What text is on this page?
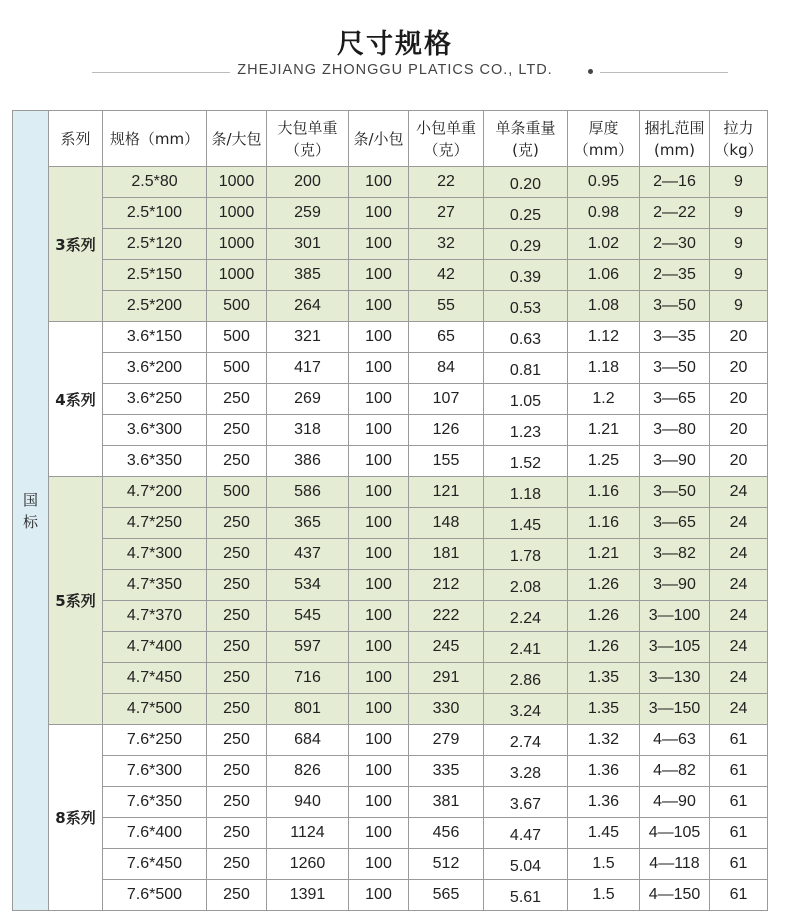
尺寸规格
ZHEJIANG ZHONGGU PLATICS CO., LTD.
国标	系列	规格（mm）	条/大包	大包单重（克）	条/小包	小包单重（克）	单条重量(克)	厚度（mm）	捆扎范围(mm)	拉力（kg）
	3系列	2.5*80	1000	200	100	22	0.20	0.95	2—16	9
		2.5*100	1000	259	100	27	0.25	0.98	2—22	9
		2.5*120	1000	301	100	32	0.29	1.02	2—30	9
		2.5*150	1000	385	100	42	0.39	1.06	2—35	9
		2.5*200	500	264	100	55	0.53	1.08	3—50	9
	4系列	3.6*150	500	321	100	65	0.63	1.12	3—35	20
		3.6*200	500	417	100	84	0.81	1.18	3—50	20
		3.6*250	250	269	100	107	1.05	1.2	3—65	20
		3.6*300	250	318	100	126	1.23	1.21	3—80	20
		3.6*350	250	386	100	155	1.52	1.25	3—90	20
	5系列	4.7*200	500	586	100	121	1.18	1.16	3—50	24
		4.7*250	250	365	100	148	1.45	1.16	3—65	24
		4.7*300	250	437	100	181	1.78	1.21	3—82	24
		4.7*350	250	534	100	212	2.08	1.26	3—90	24
		4.7*370	250	545	100	222	2.24	1.26	3—100	24
		4.7*400	250	597	100	245	2.41	1.26	3—105	24
		4.7*450	250	716	100	291	2.86	1.35	3—130	24
		4.7*500	250	801	100	330	3.24	1.35	3—150	24
	8系列	7.6*250	250	684	100	279	2.74	1.32	4—63	61
		7.6*300	250	826	100	335	3.28	1.36	4—82	61
		7.6*350	250	940	100	381	3.67	1.36	4—90	61
		7.6*400	250	1124	100	456	4.47	1.45	4—105	61
		7.6*450	250	1260	100	512	5.04	1.5	4—118	61
		7.6*500	250	1391	100	565	5.61	1.5	4—150	61
